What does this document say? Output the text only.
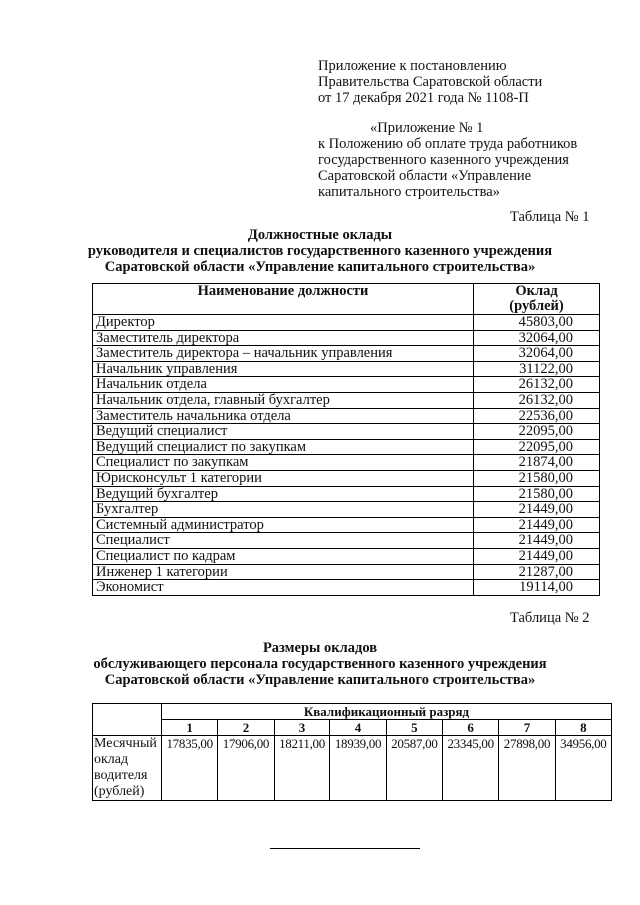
Приложение к постановлению
Правительства Саратовской области
от 17 декабря 2021 года № 1108-П
«Приложение № 1
к Положению об оплате труда работников
государственного казенного учреждения
Саратовской области «Управление
капитального строительства»
Таблица № 1
Должностные оклады
руководителя и специалистов государственного казенного учреждения
Саратовской области «Управление капитального строительства»
Наименование должности	Оклад
(рублей)

Директор	45803,00
Заместитель директора	32064,00
Заместитель директора – начальник управления	32064,00
Начальник управления	31122,00
Начальник отдела	26132,00
Начальник отдела, главный бухгалтер	26132,00
Заместитель начальника отдела	22536,00
Ведущий специалист	22095,00
Ведущий специалист по закупкам	22095,00
Специалист по закупкам	21874,00
Юрисконсульт 1 категории	21580,00
Ведущий бухгалтер	21580,00
Бухгалтер	21449,00
Системный администратор	21449,00
Специалист	21449,00
Специалист по кадрам	21449,00
Инженер 1 категории	21287,00
Экономист	19114,00
Таблица № 2
Размеры окладов
обслуживающего персонала государственного казенного учреждения
Саратовской области «Управление капитального строительства»
	Квалификационный разряд							
	1	2	3	4	5	6	7	8
Месячный оклад водителя (рублей)	17835,00	17906,00	18211,00	18939,00	20587,00	23345,00	27898,00	34956,00
